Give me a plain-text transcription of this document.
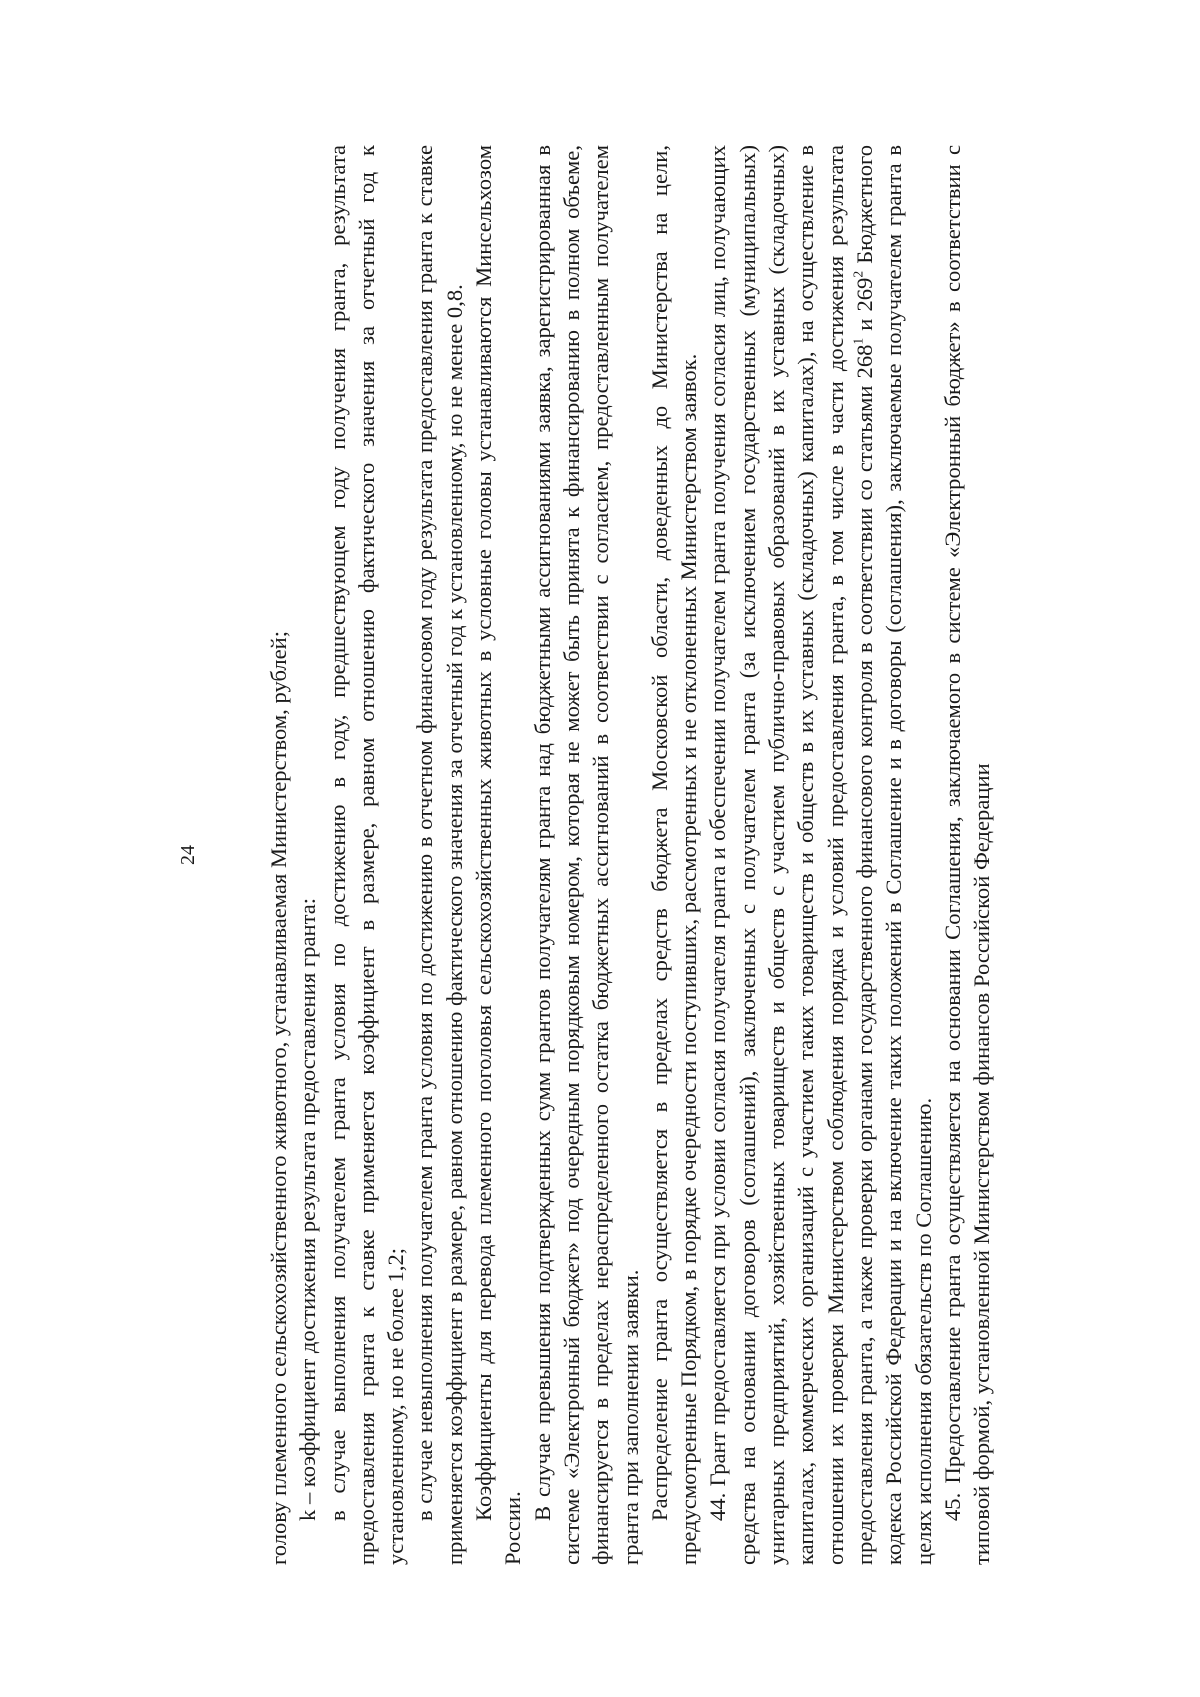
24	голову племенного сельскохозяйственного животного, устанавливаемая Министерством, рублей; k – коэффициент достижения результата предоставления гранта: в случае выполнения получателем гранта условия по достижению в году, предшествующем году получения гранта, результата предоставления гранта к ставке применяется коэффициент в размере, равном отношению фактического значения за отчетный год к установленному, но не более 1,2; в случае невыполнения получателем гранта условия по достижению в отчетном финансовом году результата предоставления гранта к ставке применяется коэффициент в размере, равном отношению фактического значения за отчетный год к установленному, но не менее 0,8. Коэффициенты для перевода племенного поголовья сельскохозяйственных животных в условные головы устанавливаются Минсельхозом России.

В случае превышения подтвержденных сумм грантов получателям гранта над бюджетными ассигнованиями заявка, зарегистрированная в системе «Электронный бюджет» под очередным порядковым номером, которая не может быть принята к финансированию в полном объеме, финансируется в пределах нераспределенного остатка бюджетных ассигнований в соответствии с согласием, предоставленным получателем гранта при заполнении заявки. Распределение гранта осуществляется в пределах средств бюджета Московской области, доведенных до Министерства на цели, предусмотренные Порядком, в порядке очередности поступивших, рассмотренных и не отклоненных Министерством заявок. 44. Грант предоставляется при условии согласия получателя гранта и обеспечении получателем гранта получения согласия лиц, получающих средства на основании договоров (соглашений), заключенных с получателем гранта (за исключением государственных (муниципальных) унитарных предприятий, хозяйственных товариществ и обществ с участием публично-правовых образований в их уставных (складочных) капиталах, коммерческих организаций с участием таких товариществ и обществ в их уставных (складочных) капиталах), на осуществление в отношении их проверки Министерством соблюдения порядка и условий предоставления гранта, в том числе в части достижения результата предоставления гранта, а также проверки органами государственного финансового контроля в соответствии со статьями $268^1$ и $269^2$ Бюджетного кодекса Российской Федерации и на включение таких положений в Соглашение и в договоры (соглашения), заключаемые получателем гранта в целях исполнения обязательств по Соглашению. 45. Предоставление гранта осуществляется на основании Соглашения, заключаемого в системе «Электронный бюджет» в соответствии с типовой формой, установленной Министерством финансов Российской Федерации
